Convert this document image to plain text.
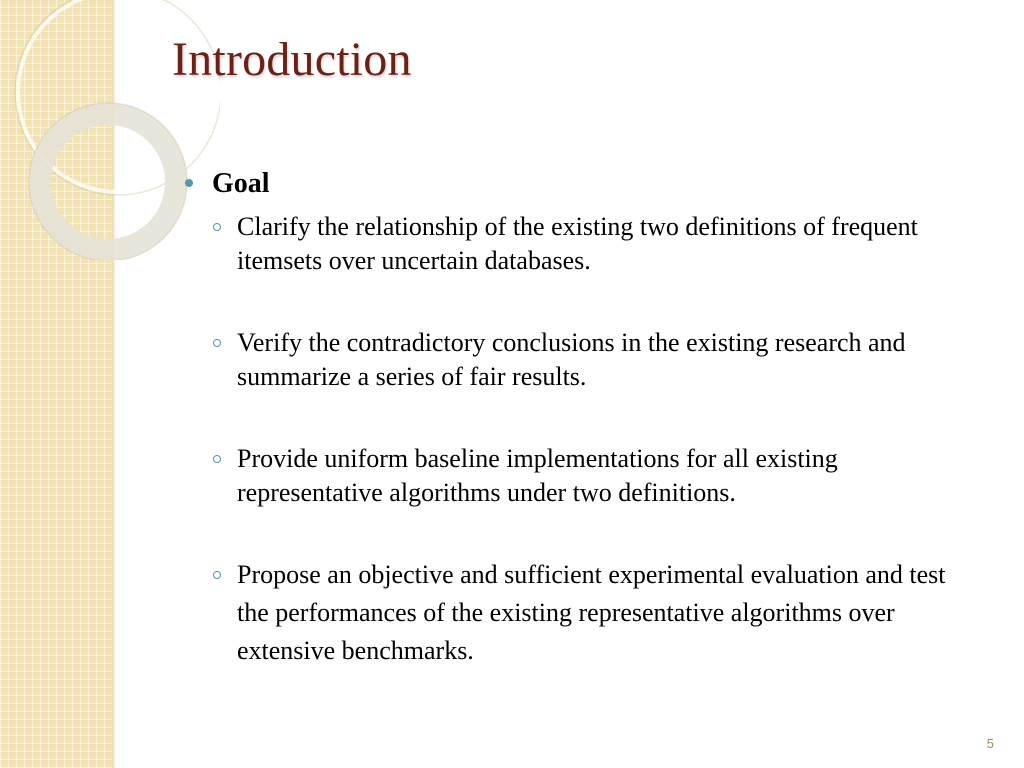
Introduction
Goal
Clarify the relationship of the existing two definitions of frequent itemsets over uncertain databases.
Verify the contradictory conclusions in the existing research and summarize a series of fair results.
Provide uniform baseline implementations for all existing representative algorithms under two definitions.
Propose an objective and sufficient experimental evaluation and test the performances of the existing representative algorithms over extensive benchmarks.
5
